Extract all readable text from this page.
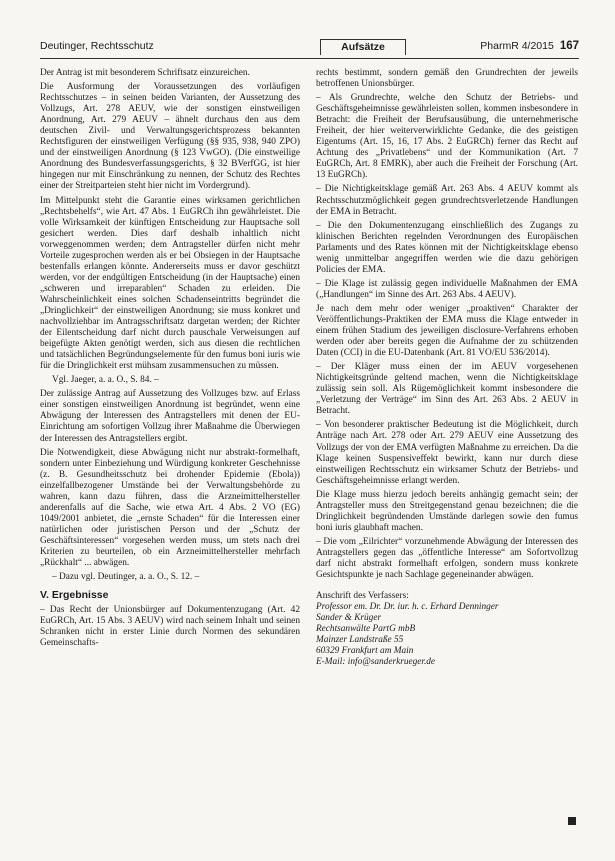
Deutinger, Rechtsschutz	Aufsätze	PharmR 4/2015 167

Der Antrag ist mit besonderem Schriftsatz einzureichen.

Die Ausformung der Voraussetzungen des vorläufigen Rechtsschutzes – in seinen beiden Varianten, der Aussetzung des Vollzugs, Art. 278 AEUV, wie der sonstigen einstweiligen Anordnung, Art. 279 AEUV – ähnelt durchaus den aus dem deutschen Zivil- und Verwaltungsgerichtsprozess bekannten Rechtsfiguren der einstweiligen Verfügung (§§ 935, 938, 940 ZPO) und der einstweiligen Anordnung (§ 123 VwGO). (Die einstweilige Anordnung des Bundesverfassungsgerichts, § 32 BVerfGG, ist hier hingegen nur mit Einschränkung zu nennen, der Schutz des Rechtes einer der Streitparteien steht hier nicht im Vordergrund).

Im Mittelpunkt steht die Garantie eines wirksamen gerichtlichen „Rechtsbehelfs“, wie Art. 47 Abs. 1 EuGRCh ihn gewährleistet. Die volle Wirksamkeit der künftigen Entscheidung zur Hauptsache soll gesichert werden. Dies darf deshalb inhaltlich nicht vorweggenommen werden; dem Antragsteller dürfen nicht mehr Vorteile zugesprochen werden als er bei Obsiegen in der Hauptsache bestenfalls erlangen könnte. Andererseits muss er davor geschützt werden, vor der endgültigen Entscheidung (in der Hauptsache) einen „schweren und irreparablen“ Schaden zu erleiden. Die Wahrscheinlichkeit eines solchen Schadenseintritts begründet die „Dringlichkeit“ der einstweiligen Anordnung; sie muss konkret und nachvollziehbar im Antragsschriftsatz dargetan werden; der Richter der Eilentscheidung darf nicht durch pauschale Verweisungen auf beigefügte Akten genötigt werden, sich aus diesen die rechtlichen und tatsächlichen Begründungselemente für den fumus boni iuris wie für die Dringlichkeit erst mühsam zusammensuchen zu müssen.

Vgl. Jaeger, a. a. O., S. 84. –

Der zulässige Antrag auf Aussetzung des Vollzuges bzw. auf Erlass einer sonstigen einstweiligen Anordnung ist begründet, wenn eine Abwägung der Interessen des Antragstellers mit denen der EU-Einrichtung am sofortigen Vollzug ihrer Maßnahme die Überwiegen der Interessen des Antragstellers ergibt.

Die Notwendigkeit, diese Abwägung nicht nur abstrakt-formelhaft, sondern unter Einbeziehung und Würdigung konkreter Geschehnisse (z. B. Gesundheitsschutz bei drohender Epidemie (Ebola)) einzelfallbezogener Umstände bei der Verwaltungsbehörde zu wahren, kann dazu führen, dass die Arzneimittelhersteller anderenfalls auf die Sache, wie etwa Art. 4 Abs. 2 VO (EG) 1049/2001 anbietet, die „ernste Schaden“ für die Interessen einer natürlichen oder juristischen Person und der „Schutz der Geschäftsinteressen“ vorgesehen werden muss, um stets nach drei Kriterien zu beurteilen, ob ein Arzneimittelhersteller mehrfach „Rückhalt“ ... abwägen.

– Dazu vgl. Deutinger, a. a. O., S. 12. –

V. Ergebnisse

– Das Recht der Unionsbürger auf Dokumentenzugang (Art. 42 EuGRCh, Art. 15 Abs. 3 AEUV) wird nach seinem Inhalt und seinen Schranken nicht in erster Linie durch Normen des sekundären Gemeinschafts-

rechts bestimmt, sondern gemäß den Grundrechten der jeweils betroffenen Unionsbürger.

– Als Grundrechte, welche den Schutz der Betriebs- und Geschäftsgeheimnisse gewährleisten sollen, kommen insbesondere in Betracht: die Freiheit der Berufsausübung, die unternehmerische Freiheit, der hier weiterverwirklichte Gedanke, die des geistigen Eigentums (Art. 15, 16, 17 Abs. 2 EuGRCh) ferner das Recht auf Achtung des „Privatlebens“ und der Kommunikation (Art. 7 EuGRCh, Art. 8 EMRK), aber auch die Freiheit der Forschung (Art. 13 EuGRCh).

– Die Nichtigkeitsklage gemäß Art. 263 Abs. 4 AEUV kommt als Rechtsschutzmöglichkeit gegen grundrechtsverletzende Handlungen der EMA in Betracht.

– Die den Dokumentenzugang einschließlich des Zugangs zu klinischen Berichten regelnden Verordnungen des Europäischen Parlaments und des Rates können mit der Nichtigkeitsklage ebenso wenig unmittelbar angegriffen werden wie die dazu gehörigen Policies der EMA.

– Die Klage ist zulässig gegen individuelle Maßnahmen der EMA („Handlungen“ im Sinne des Art. 263 Abs. 4 AEUV).

Je nach dem mehr oder weniger „proaktiven“ Charakter der Veröffentlichungs-Praktiken der EMA muss die Klage entweder in einem frühen Stadium des jeweiligen disclosure-Verfahrens erhoben werden oder aber bereits gegen die Aufnahme der zu schützenden Daten (CCI) in die EU-Datenbank (Art. 81 VO/EU 536/2014).

– Der Kläger muss einen der im AEUV vorgesehenen Nichtigkeitsgründe geltend machen, wenn die Nichtigkeitsklage zulässig sein soll. Als Rügemöglichkeit kommt insbesondere die „Verletzung der Verträge“ im Sinn des Art. 263 Abs. 2 AEUV in Betracht.

– Von besonderer praktischer Bedeutung ist die Möglichkeit, durch Anträge nach Art. 278 oder Art. 279 AEUV eine Aussetzung des Vollzugs der von der EMA verfügten Maßnahme zu erreichen. Da die Klage keinen Suspensiveffekt bewirkt, kann nur durch diese einstweiligen Rechtsschutz ein wirksamer Schutz der Betriebs- und Geschäftsgeheimnisse erlangt werden.

Die Klage muss hierzu jedoch bereits anhängig gemacht sein; der Antragsteller muss den Streitgegenstand genau bezeichnen; die die Dringlichkeit begründenden Umstände darlegen sowie den fumus boni iuris glaubhaft machen.

– Die vom „Eilrichter“ vorzunehmende Abwägung der Interessen des Antragstellers gegen das „öffentliche Interesse“ am Sofortvollzug darf nicht abstrakt formelhaft erfolgen, sondern muss konkrete Gesichtspunkte je nach Sachlage gegeneinander abwägen.

Anschrift des Verfassers:
Professor em. Dr. Dr. iur. h. c. Erhard Denninger
Sander & Krüger
Rechtsanwälte PartG mbB
Mainzer Landstraße 55
60329 Frankfurt am Main
E-Mail: info@sanderkrueger.de
